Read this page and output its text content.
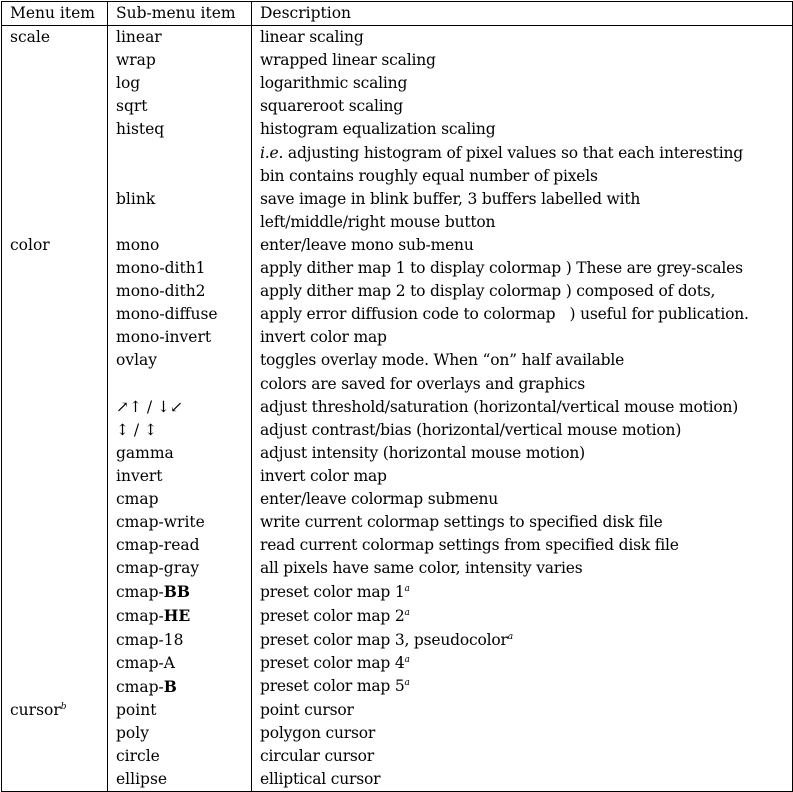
Menu item	Sub-menu item	Description
scale	linear	linear scaling
	wrap	wrapped linear scaling
	log	logarithmic scaling
	sqrt	squareroot scaling
	histeq	histogram equalization scaling
		i.e. adjusting histogram of pixel values so that each interesting
		bin contains roughly equal number of pixels
	blink	save image in blink buffer, 3 buffers labelled with
		left/middle/right mouse button
color	mono	enter/leave mono sub-menu
	mono-dith1	apply dither map 1 to display colormap ) These are grey-scales
	mono-dith2	apply dither map 2 to display colormap ) composed of dots,
	mono-diffuse	apply error diffusion code to colormap   ) useful for publication.
	mono-invert	invert color map
	ovlay	toggles overlay mode. When “on” half available
		colors are saved for overlays and graphics
	↗↑ / ↓↙	adjust threshold/saturation (horizontal/vertical mouse motion)
	↕ / ↕	adjust contrast/bias (horizontal/vertical mouse motion)
	gamma	adjust intensity (horizontal mouse motion)
	invert	invert color map
	cmap	enter/leave colormap submenu
	cmap-write	write current colormap settings to specified disk file
	cmap-read	read current colormap settings from specified disk file
	cmap-gray	all pixels have same color, intensity varies
	cmap-BB	preset color map 1$^a$
	cmap-HE	preset color map 2$^a$
	cmap-18	preset color map 3, pseudocolor$^a$
	cmap-A	preset color map 4$^a$
	cmap-B	preset color map 5$^a$
cursor$^b$	point	point cursor
	poly	polygon cursor
	circle	circular cursor
	ellipse	elliptical cursor
